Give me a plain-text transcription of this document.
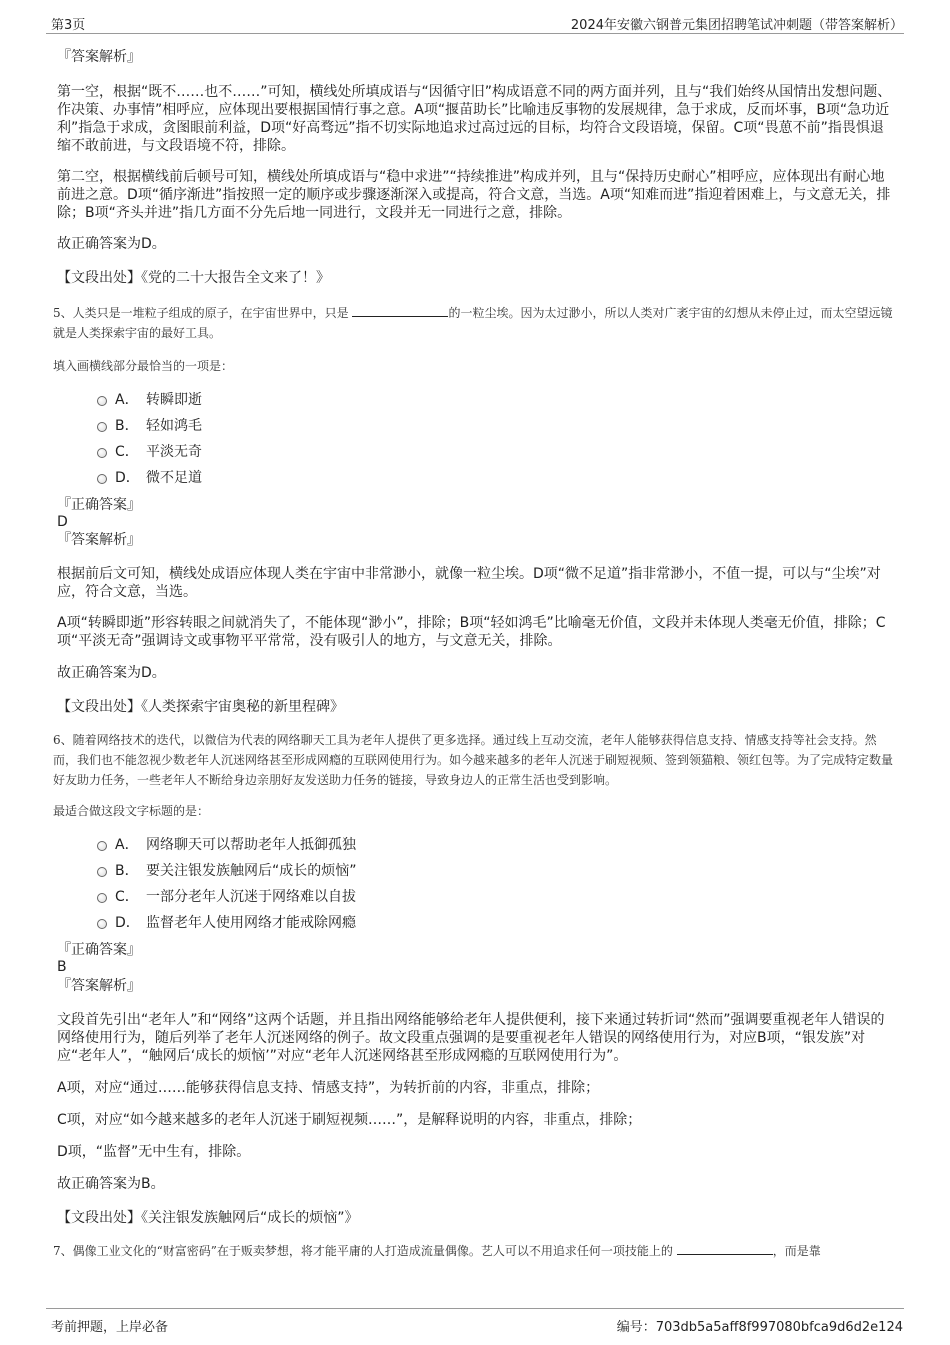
第3页	2024年安徽六钢普元集团招聘笔试冲刺题（带答案解析）

『答案解析』

第一空，根据“既不……也不……”可知，横线处所填成语与“因循守旧”构成语意不同的两方面并列，且与“我们始终从国情出发想问题、作决策、办事情”相呼应，应体现出要根据国情行事之意。A项“揠苗助长”比喻违反事物的发展规律，急于求成，反而坏事，B项“急功近利”指急于求成，贪图眼前利益，D项“好高骛远”指不切实际地追求过高过远的目标，均符合文段语境，保留。C项“畏葸不前”指畏惧退缩不敢前进，与文段语境不符，排除。

第二空，根据横线前后顿号可知，横线处所填成语与“稳中求进”“持续推进”构成并列，且与“保持历史耐心”相呼应，应体现出有耐心地前进之意。D项“循序渐进”指按照一定的顺序或步骤逐渐深入或提高，符合文意，当选。A项“知难而进”指迎着困难上，与文意无关，排除；B项“齐头并进”指几方面不分先后地一同进行，文段并无一同进行之意，排除。

故正确答案为D。

【文段出处】《党的二十大报告全文来了！》

5、人类只是一堆粒子组成的原子，在宇宙世界中，只是	的一粒尘埃。因为太过渺小，所以人类对广袤宇宙的幻想从未停止过，而太空望远镜就是人类探索宇宙的最好工具。

填入画横线部分最恰当的一项是：

A． 转瞬即逝
B． 轻如鸿毛
C． 平淡无奇
D． 微不足道

『正确答案』

D

『答案解析』

根据前后文可知，横线处成语应体现人类在宇宙中非常渺小，就像一粒尘埃。D项“微不足道”指非常渺小，不值一提，可以与“尘埃”对应，符合文意，当选。

A项“转瞬即逝”形容转眼之间就消失了，不能体现“渺小”，排除；B项“轻如鸿毛”比喻毫无价值，文段并未体现人类毫无价值，排除；C项“平淡无奇”强调诗文或事物平平常常，没有吸引人的地方，与文意无关，排除。

故正确答案为D。

【文段出处】《人类探索宇宙奥秘的新里程碑》

6、随着网络技术的迭代，以微信为代表的网络聊天工具为老年人提供了更多选择。通过线上互动交流，老年人能够获得信息支持、情感支持等社会支持。然而，我们也不能忽视少数老年人沉迷网络甚至形成网瘾的互联网使用行为。如今越来越多的老年人沉迷于刷短视频、签到领猫粮、领红包等。为了完成特定数量好友助力任务，一些老年人不断给身边亲朋好友发送助力任务的链接，导致身边人的正常生活也受到影响。

最适合做这段文字标题的是：

A． 网络聊天可以帮助老年人抵御孤独
B． 要关注银发族触网后“成长的烦恼”
C． 一部分老年人沉迷于网络难以自拔
D． 监督老年人使用网络才能戒除网瘾

『正确答案』

B

『答案解析』

文段首先引出“老年人”和“网络”这两个话题，并且指出网络能够给老年人提供便利，接下来通过转折词“然而”强调要重视老年人错误的网络使用行为，随后列举了老年人沉迷网络的例子。故文段重点强调的是要重视老年人错误的网络使用行为，对应B项，“银发族”对应“老年人”，“触网后‘成长的烦恼’”对应“老年人沉迷网络甚至形成网瘾的互联网使用行为”。

A项，对应“通过……能够获得信息支持、情感支持”，为转折前的内容，非重点，排除；

C项，对应“如今越来越多的老年人沉迷于刷短视频……”，是解释说明的内容，非重点，排除；

D项，“监督”无中生有，排除。

故正确答案为B。

【文段出处】《关注银发族触网后“成长的烦恼”》

7、偶像工业文化的“财富密码”在于贩卖梦想，将才能平庸的人打造成流量偶像。艺人可以不用追求任何一项技能上的	，而是靠

考前押题，上岸必备	编号：703db5a5aff8f997080bfca9d6d2e124
